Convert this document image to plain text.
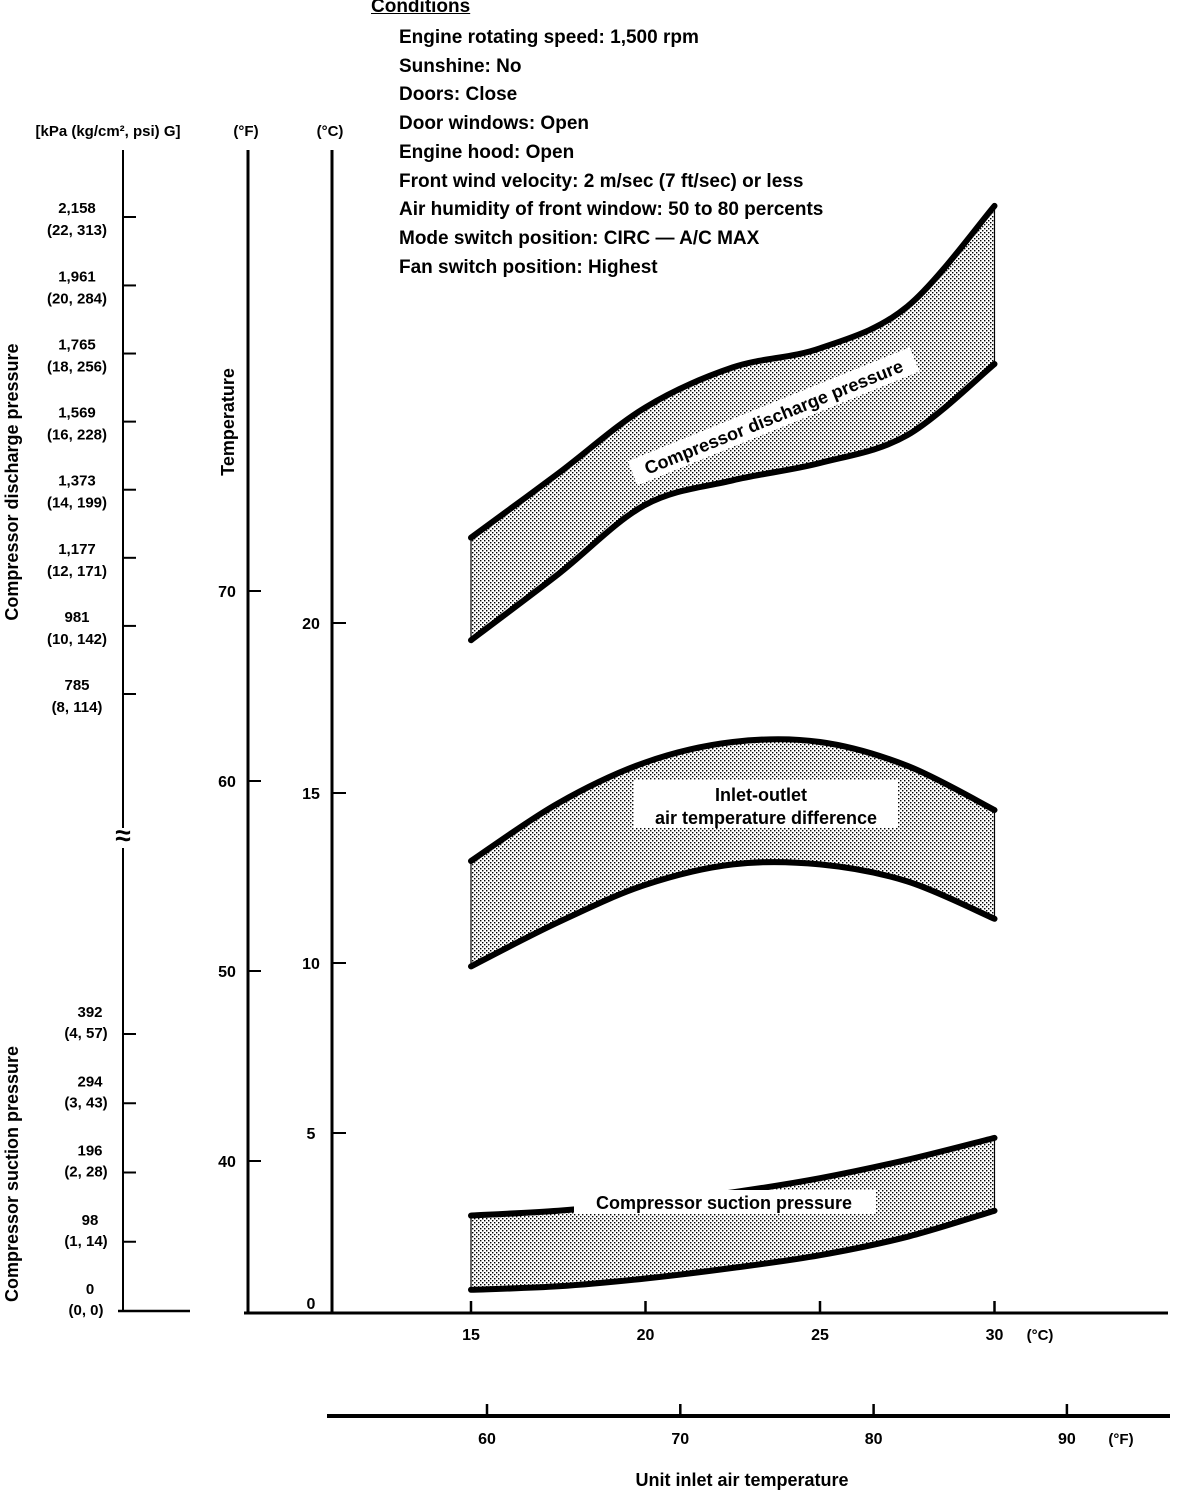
Conditions
Engine rotating speed: 1,500 rpm
Sunshine: No
Doors: Close
Door windows: Open
Engine hood: Open
Front wind velocity: 2 m/sec (7 ft/sec) or less
Air humidity of front window: 50 to 80 percents
Mode switch position: CIRC — A/C MAX
Fan switch position: Highest
[kPa (kg/cm², psi) G]
≈
2,158
(22, 313)
1,961
(20, 284)
1,765
(18, 256)
1,569
(16, 228)
1,373
(14, 199)
1,177
(12, 171)
981
(10, 142)
785
(8, 114)
392
(4, 57)
294
(3, 43)
196
(2, 28)
98
(1, 14)
0
(0, 0)
Compressor discharge pressure
Compressor suction pressure
(°F)
70
60
50
40
Temperature
(°C)
20
15
10
5
0
15	20	25	30 (°C)
60	70	80	90 (°F)
Unit inlet air temperature
Compressor discharge pressure
Inlet-outlet
air temperature difference
Compressor suction pressure
